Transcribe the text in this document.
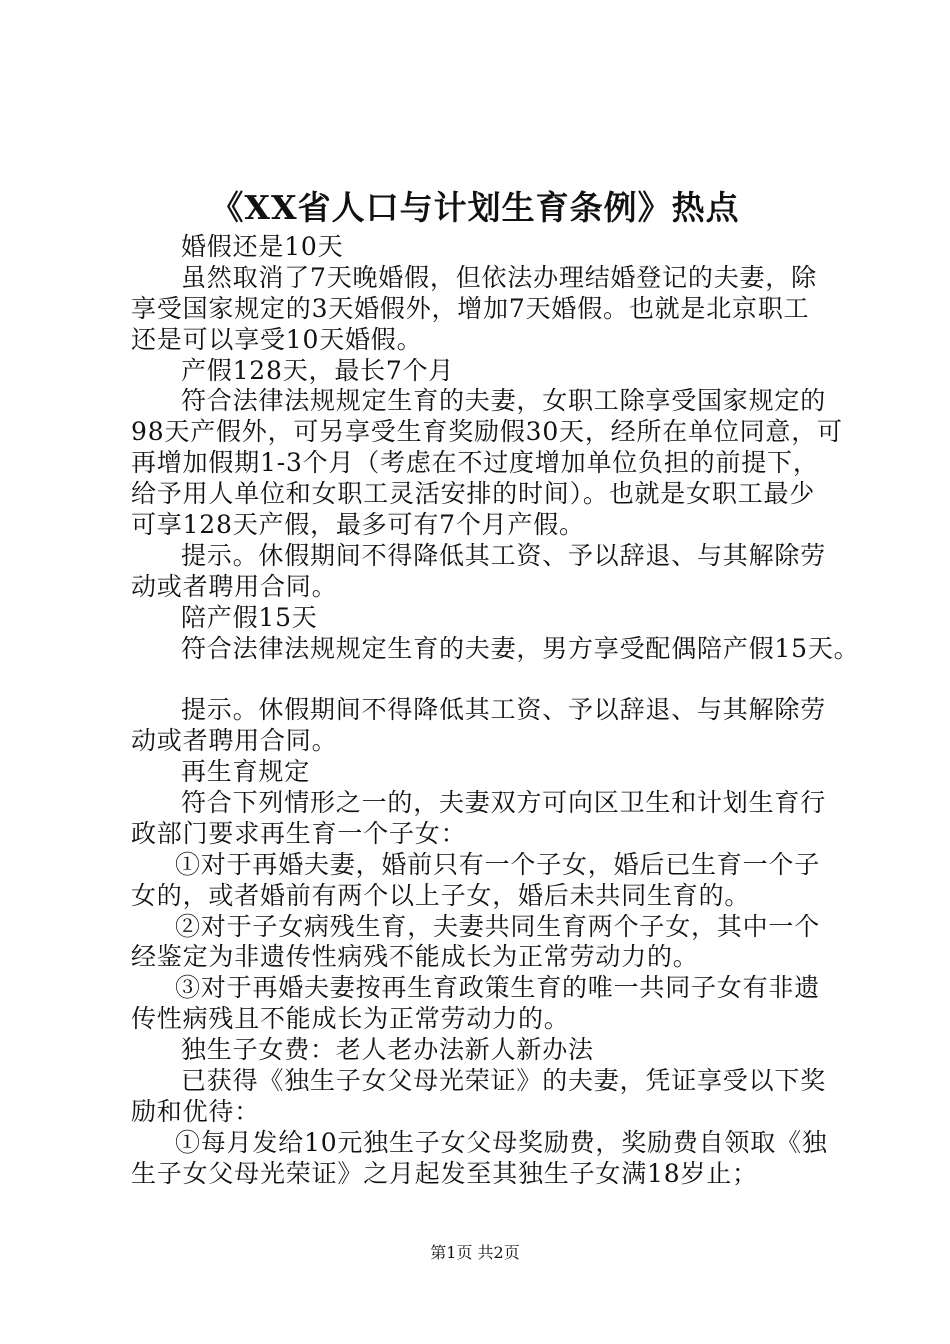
《XX省人口与计划生育条例》热点
婚假还是10天
虽然取消了7天晚婚假，但依法办理结婚登记的夫妻，除
享受国家规定的3天婚假外，增加7天婚假。也就是北京职工
还是可以享受10天婚假。
产假128天，最长7个月
符合法律法规规定生育的夫妻，女职工除享受国家规定的
98天产假外，可另享受生育奖励假30天，经所在单位同意，可
再增加假期1-3个月（考虑在不过度增加单位负担的前提下，
给予用人单位和女职工灵活安排的时间）。也就是女职工最少
可享128天产假，最多可有7个月产假。
提示。休假期间不得降低其工资、予以辞退、与其解除劳
动或者聘用合同。
陪产假15天
符合法律法规规定生育的夫妻，男方享受配偶陪产假15天。
提示。休假期间不得降低其工资、予以辞退、与其解除劳
动或者聘用合同。
再生育规定
符合下列情形之一的，夫妻双方可向区卫生和计划生育行
政部门要求再生育一个子女：
①对于再婚夫妻，婚前只有一个子女，婚后已生育一个子
女的，或者婚前有两个以上子女，婚后未共同生育的。
②对于子女病残生育，夫妻共同生育两个子女，其中一个
经鉴定为非遗传性病残不能成长为正常劳动力的。
③对于再婚夫妻按再生育政策生育的唯一共同子女有非遗
传性病残且不能成长为正常劳动力的。
独生子女费：老人老办法新人新办法
已获得《独生子女父母光荣证》的夫妻，凭证享受以下奖
励和优待：
①每月发给10元独生子女父母奖励费，奖励费自领取《独
生子女父母光荣证》之月起发至其独生子女满18岁止；
第1页 共2页
